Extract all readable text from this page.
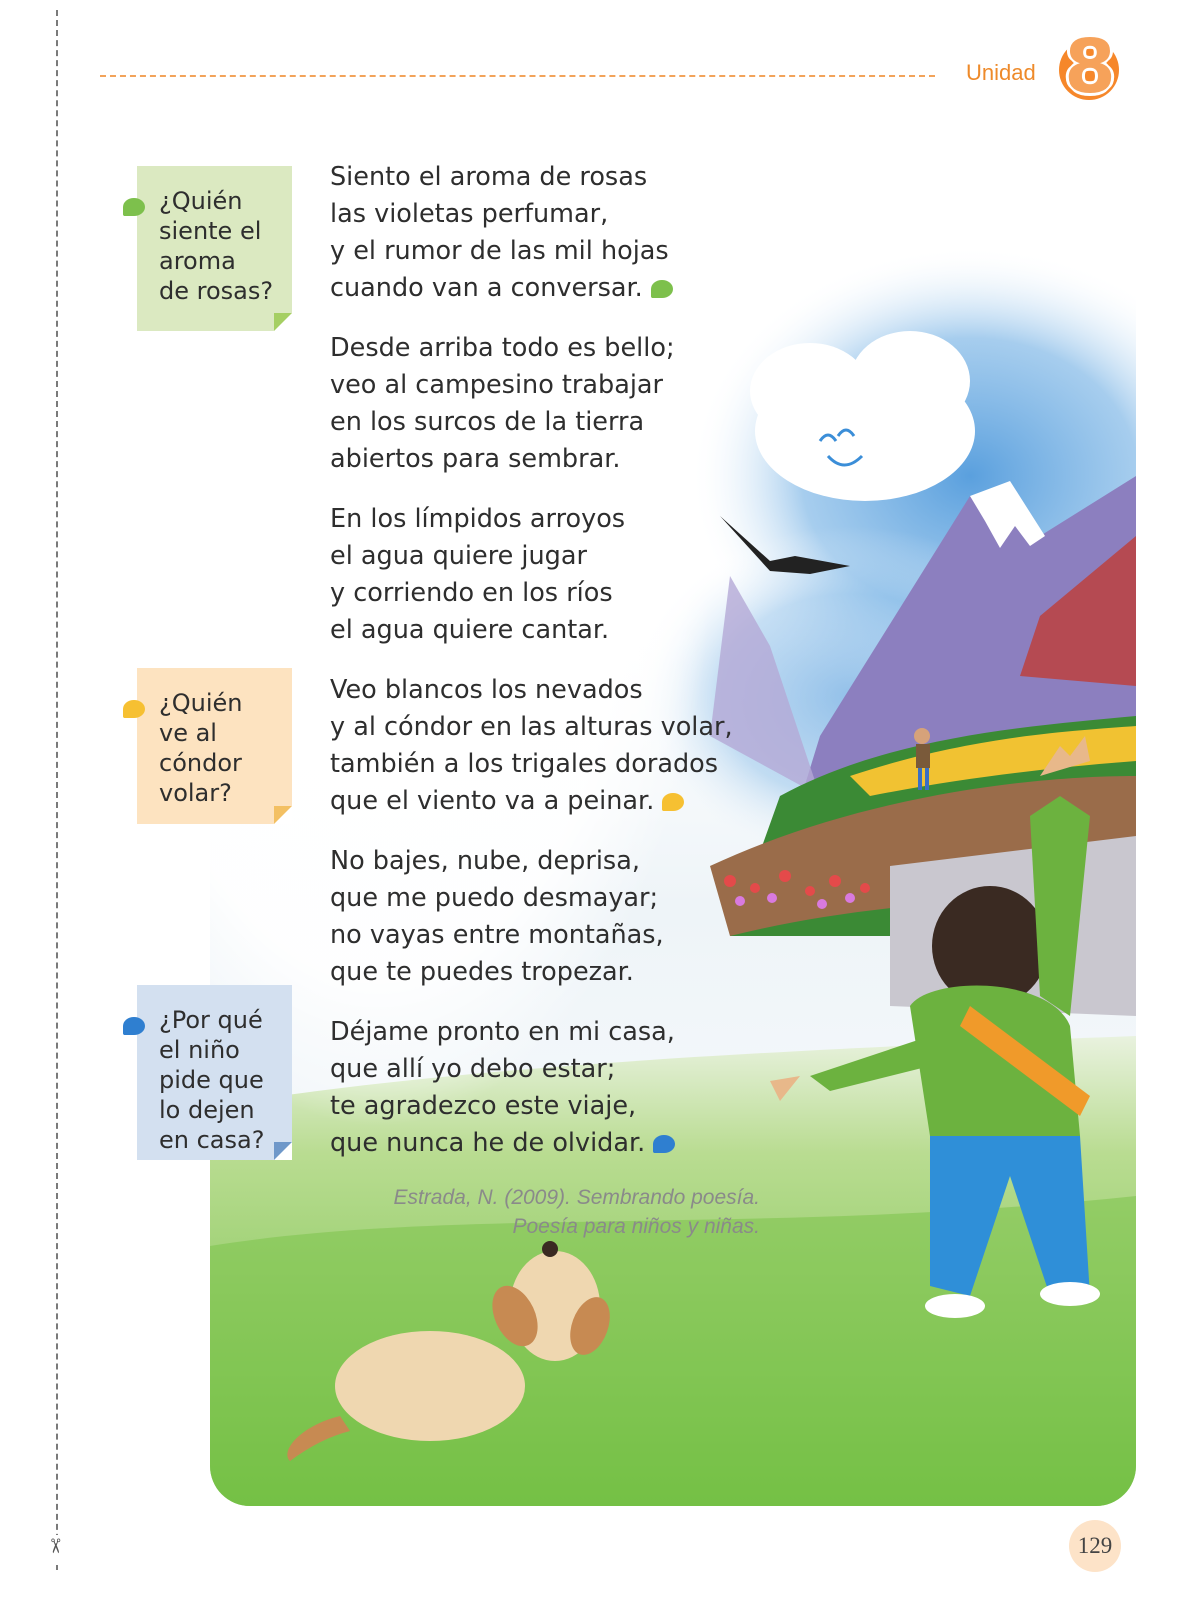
✂
Unidad 8
¿Quién
siente el
aroma
de rosas?
¿Quién
ve al
cóndor
volar?
¿Por qué
el niño
pide que
lo dejen
en casa?
Siento el aroma de rosas
las violetas perfumar,
y el rumor de las mil hojas
cuando van a conversar.
Desde arriba todo es bello;
veo al campesino trabajar
en los surcos de la tierra
abiertos para sembrar.
En los límpidos arroyos
el agua quiere jugar
y corriendo en los ríos
el agua quiere cantar.
Veo blancos los nevados
y al cóndor en las alturas volar,
también a los trigales dorados
que el viento va a peinar.
No bajes, nube, deprisa,
que me puedo desmayar;
no vayas entre montañas,
que te puedes tropezar.
Déjame pronto en mi casa,
que allí yo debo estar;
te agradezco este viaje,
que nunca he de olvidar.
Estrada, N. (2009). Sembrando poesía.
Poesía para niños y niñas.
129
